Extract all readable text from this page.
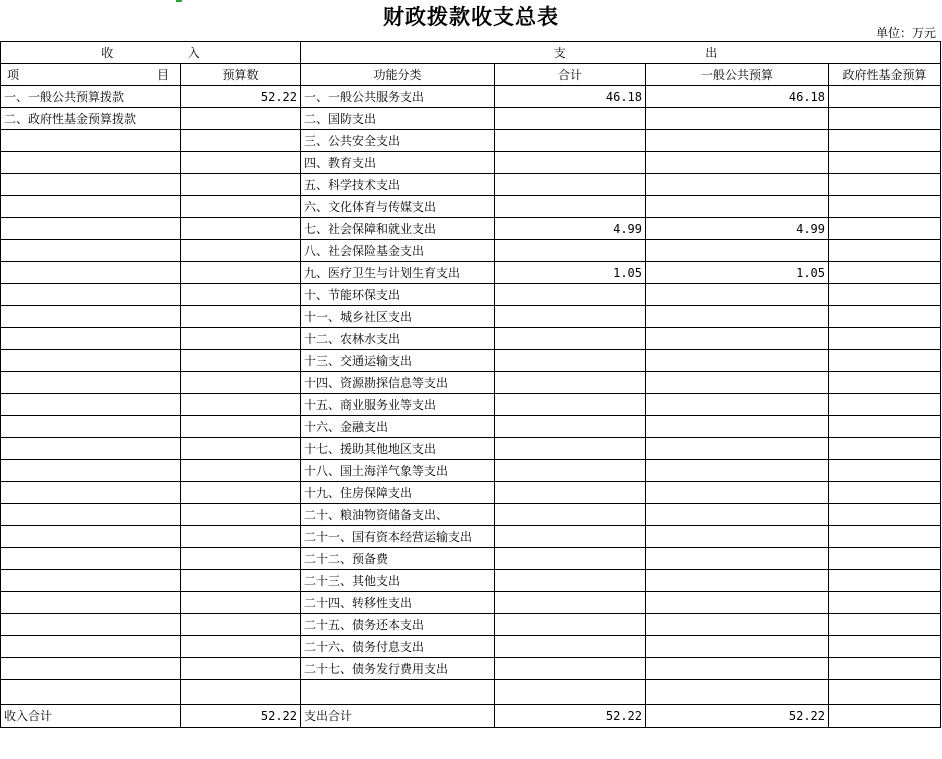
财政拨款收支总表
单位：万元
收 入		支 出			

项 目	预算数	功能分类	合计	一般公共预算	政府性基金预算
一、一般公共预算拨款	52.22	一、一般公共服务支出	46.18	46.18	
二、政府性基金预算拨款		二、国防支出			
		三、公共安全支出			
		四、教育支出			
		五、科学技术支出			
		六、文化体育与传媒支出			
		七、社会保障和就业支出	4.99	4.99	
		八、社会保险基金支出			
		九、医疗卫生与计划生育支出	1.05	1.05	
		十、节能环保支出			
		十一、城乡社区支出			
		十二、农林水支出			
		十三、交通运输支出			
		十四、资源勘探信息等支出			
		十五、商业服务业等支出			
		十六、金融支出			
		十七、援助其他地区支出			
		十八、国土海洋气象等支出			
		十九、住房保障支出			
		二十、粮油物资储备支出、			
		二十一、国有资本经营运输支出			
		二十二、预备费			
		二十三、其他支出			
		二十四、转移性支出			
		二十五、债务还本支出			
		二十六、债务付息支出			
		二十七、债务发行费用支出			

收入合计	52.22	支出合计	52.22	52.22	
